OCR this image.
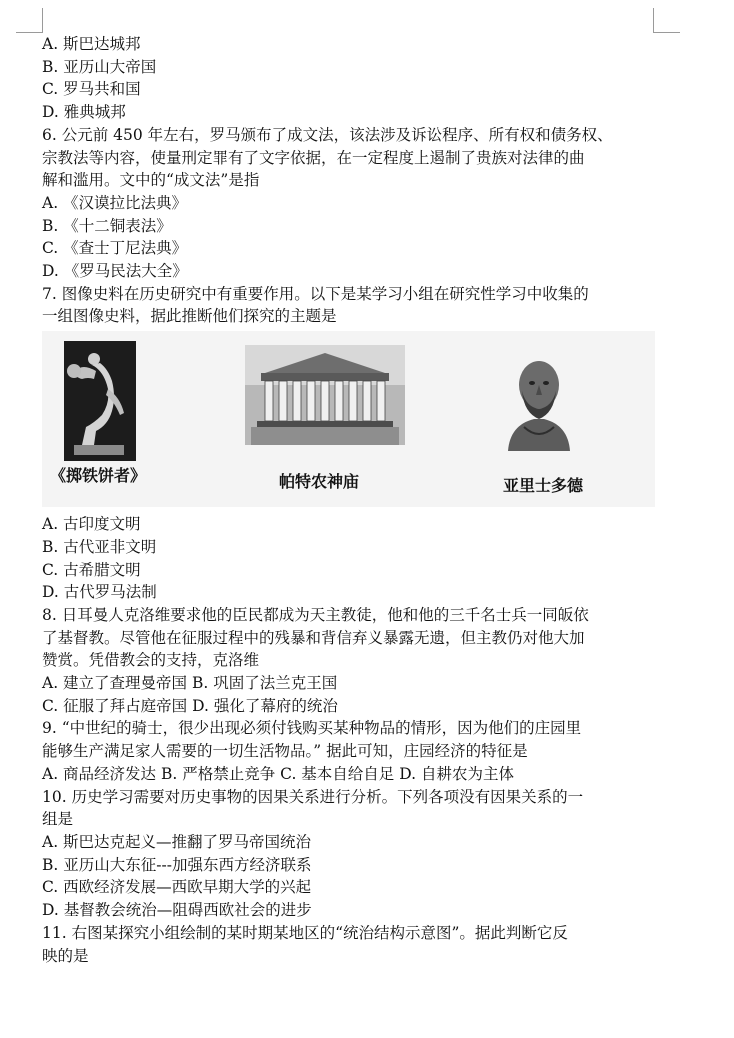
A. 斯巴达城邦
B. 亚历山大帝国
C. 罗马共和国
D. 雅典城邦
6. 公元前 450 年左右，罗马颁布了成文法，该法涉及诉讼程序、所有权和债务权、
宗教法等内容，使量刑定罪有了文字依据，在一定程度上遏制了贵族对法律的曲
解和滥用。文中的“成文法”是指
A. 《汉谟拉比法典》
B. 《十二铜表法》
C. 《查士丁尼法典》
D. 《罗马民法大全》
7. 图像史料在历史研究中有重要作用。以下是某学习小组在研究性学习中收集的
一组图像史料，据此推断他们探究的主题是
《掷铁饼者》	帕特农神庙	亚里士多德
A. 古印度文明
B. 古代亚非文明
C. 古希腊文明
D. 古代罗马法制
8. 日耳曼人克洛维要求他的臣民都成为天主教徒，他和他的三千名士兵一同皈依
了基督教。尽管他在征服过程中的残暴和背信弃义暴露无遗，但主教仍对他大加
赞赏。凭借教会的支持，克洛维
A. 建立了查理曼帝国 B. 巩固了法兰克王国
C. 征服了拜占庭帝国 D. 强化了幕府的统治
9. “中世纪的骑士，很少出现必须付钱购买某种物品的情形，因为他们的庄园里
能够生产满足家人需要的一切生活物品。” 据此可知，庄园经济的特征是
A. 商品经济发达 B. 严格禁止竞争 C. 基本自给自足 D. 自耕农为主体
10. 历史学习需要对历史事物的因果关系进行分析。下列各项没有因果关系的一
组是
A. 斯巴达克起义—推翻了罗马帝国统治
B. 亚历山大东征---加强东西方经济联系
C. 西欧经济发展—西欧早期大学的兴起
D. 基督教会统治—阻碍西欧社会的进步
11. 右图某探究小组绘制的某时期某地区的“统治结构示意图”。据此判断它反
映的是
